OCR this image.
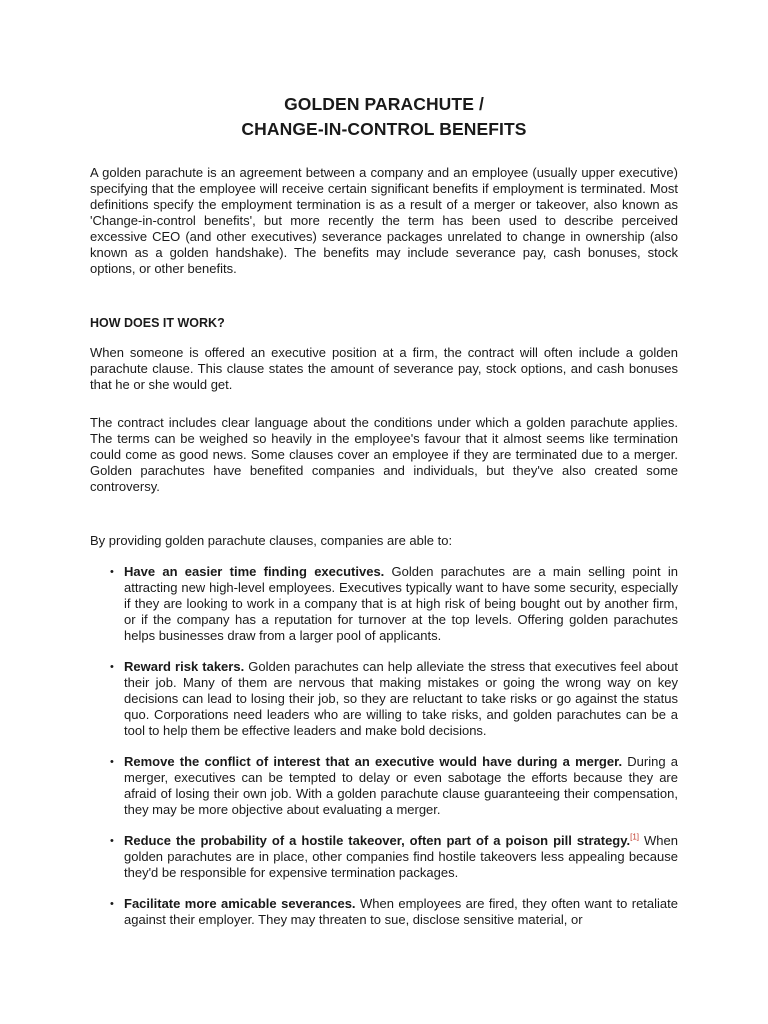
GOLDEN PARACHUTE /
CHANGE-IN-CONTROL BENEFITS

A golden parachute is an agreement between a company and an employee (usually upper executive) specifying that the employee will receive certain significant benefits if employment is terminated. Most definitions specify the employment termination is as a result of a merger or takeover, also known as 'Change-in-control benefits', but more recently the term has been used to describe perceived excessive CEO (and other executives) severance packages unrelated to change in ownership (also known as a golden handshake). The benefits may include severance pay, cash bonuses, stock options, or other benefits.

HOW DOES IT WORK?

When someone is offered an executive position at a firm, the contract will often include a golden parachute clause. This clause states the amount of severance pay, stock options, and cash bonuses that he or she would get.

The contract includes clear language about the conditions under which a golden parachute applies. The terms can be weighed so heavily in the employee's favour that it almost seems like termination could come as good news. Some clauses cover an employee if they are terminated due to a merger. Golden parachutes have benefited companies and individuals, but they've also created some controversy.

By providing golden parachute clauses, companies are able to:

• Have an easier time finding executives. Golden parachutes are a main selling point in attracting new high-level employees. Executives typically want to have some security, especially if they are looking to work in a company that is at high risk of being bought out by another firm, or if the company has a reputation for turnover at the top levels. Offering golden parachutes helps businesses draw from a larger pool of applicants.
• Reward risk takers. Golden parachutes can help alleviate the stress that executives feel about their job. Many of them are nervous that making mistakes or going the wrong way on key decisions can lead to losing their job, so they are reluctant to take risks or go against the status quo. Corporations need leaders who are willing to take risks, and golden parachutes can be a tool to help them be effective leaders and make bold decisions.
• Remove the conflict of interest that an executive would have during a merger. During a merger, executives can be tempted to delay or even sabotage the efforts because they are afraid of losing their own job. With a golden parachute clause guaranteeing their compensation, they may be more objective about evaluating a merger.
• Reduce the probability of a hostile takeover, often part of a poison pill strategy.[1] When golden parachutes are in place, other companies find hostile takeovers less appealing because they'd be responsible for expensive termination packages.
• Facilitate more amicable severances. When employees are fired, they often want to retaliate against their employer. They may threaten to sue, disclose sensitive material, or
